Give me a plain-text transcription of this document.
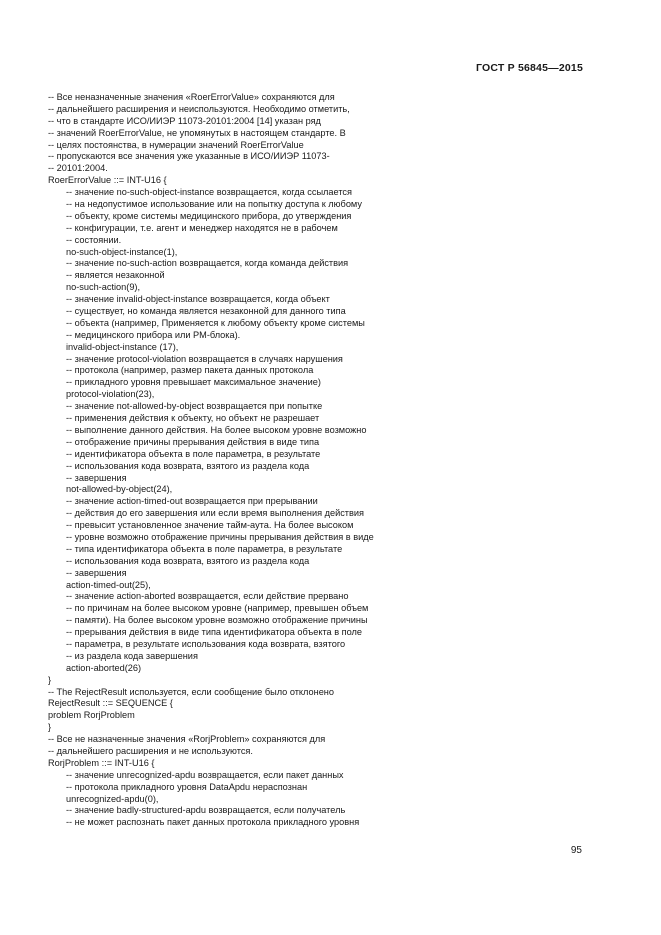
ГОСТ Р 56845—2015
-- Все неназначенные значения «RoerErrorValue» сохраняются для
-- дальнейшего расширения и неиспользуются. Необходимо отметить,
-- что в стандарте ИСО/ИИЭР 11073-20101:2004 [14] указан ряд
-- значений RoerErrorValue, не упомянутых в настоящем стандарте. В
-- целях постоянства, в нумерации значений RoerErrorValue
-- пропускаются все значения уже указанные в ИСО/ИИЭР 11073-
-- 20101:2004.
RoerErrorValue ::= INT-U16 {
-- значение no-such-object-instance возвращается, когда ссылается
-- на недопустимое использование или на попытку доступа к любому
-- объекту, кроме системы медицинского прибора, до утверждения
-- конфигурации, т.е. агент и менеджер находятся не в рабочем
-- состоянии.
no-such-object-instance(1),
-- значение no-such-action возвращается, когда команда действия
-- является незаконной
no-such-action(9),
-- значение invalid-object-instance возвращается, когда объект
-- существует, но команда является незаконной для данного типа
-- объекта (например, Применяется к любому объекту кроме системы
-- медицинского прибора или PM-блока).
invalid-object-instance (17),
-- значение protocol-violation возвращается в случаях нарушения
-- протокола (например, размер пакета данных протокола
-- прикладного уровня превышает максимальное значение)
protocol-violation(23),
-- значение not-allowed-by-object возвращается при попытке
-- применения действия к объекту, но объект не разрешает
-- выполнение данного действия. На более высоком уровне возможно
-- отображение причины прерывания действия в виде типа
-- идентификатора объекта в поле параметра, в результате
-- использования кода возврата, взятого из раздела кода
-- завершения
not-allowed-by-object(24),
-- значение action-timed-out возвращается при прерывании
-- действия до его завершения или если время выполнения действия
-- превысит установленное значение тайм-аута. На более высоком
-- уровне возможно отображение причины прерывания действия в виде
-- типа идентификатора объекта в поле параметра, в результате
-- использования кода возврата, взятого из раздела кода
-- завершения
action-timed-out(25),
-- значение action-aborted возвращается, если действие прервано
-- по причинам на более высоком уровне (например, превышен объем
-- памяти). На более высоком уровне возможно отображение причины
-- прерывания действия в виде типа идентификатора объекта в поле
-- параметра, в результате использования кода возврата, взятого
-- из раздела кода завершения
action-aborted(26)
}
-- The RejectResult используется, если сообщение было отклонено
RejectResult ::= SEQUENCE {
problem RorjProblem
}
-- Все не назначенные значения «RorjProblem» сохраняются для
-- дальнейшего расширения и не используются.
RorjProblem ::= INT-U16 {
-- значение unrecognized-apdu возвращается, если пакет данных
-- протокола прикладного уровня DataApdu нераспознан
unrecognized-apdu(0),
-- значение badly-structured-apdu возвращается, если получатель
-- не может распознать пакет данных протокола прикладного уровня
95
